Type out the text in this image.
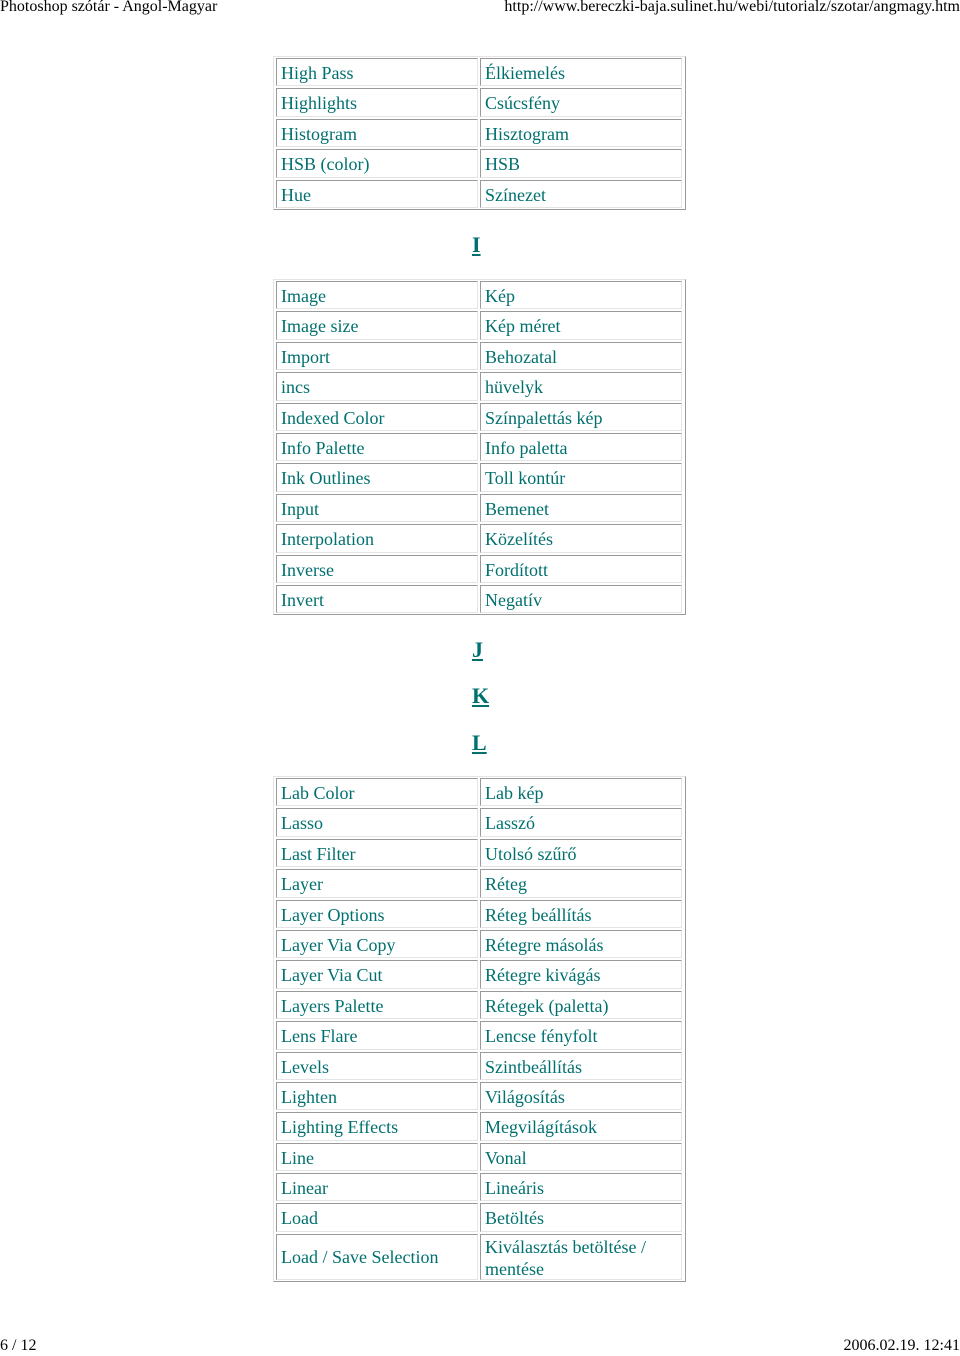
Photoshop szótár - Angol-Magyar	http://www.bereczki-baja.sulinet.hu/webi/tutorialz/szotar/angmagy.htm
High Pass	Élkiemelés
Highlights	Csúcsfény
Histogram	Hisztogram
HSB (color)	HSB
Hue	Színezet
I
Image	Kép
Image size	Kép méret
Import	Behozatal
incs	hüvelyk
Indexed Color	Színpalettás kép
Info Palette	Info paletta
Ink Outlines	Toll kontúr
Input	Bemenet
Interpolation	Közelítés
Inverse	Fordított
Invert	Negatív
J
K
L
Lab Color	Lab kép
Lasso	Lasszó
Last Filter	Utolsó szűrő
Layer	Réteg
Layer Options	Réteg beállítás
Layer Via Copy	Rétegre másolás
Layer Via Cut	Rétegre kivágás
Layers Palette	Rétegek (paletta)
Lens Flare	Lencse fényfolt
Levels	Szintbeállítás
Lighten	Világosítás
Lighting Effects	Megvilágítások
Line	Vonal
Linear	Lineáris
Load	Betöltés
Load / Save Selection	Kiválasztás betöltése / mentése
6 / 12	2006.02.19. 12:41
